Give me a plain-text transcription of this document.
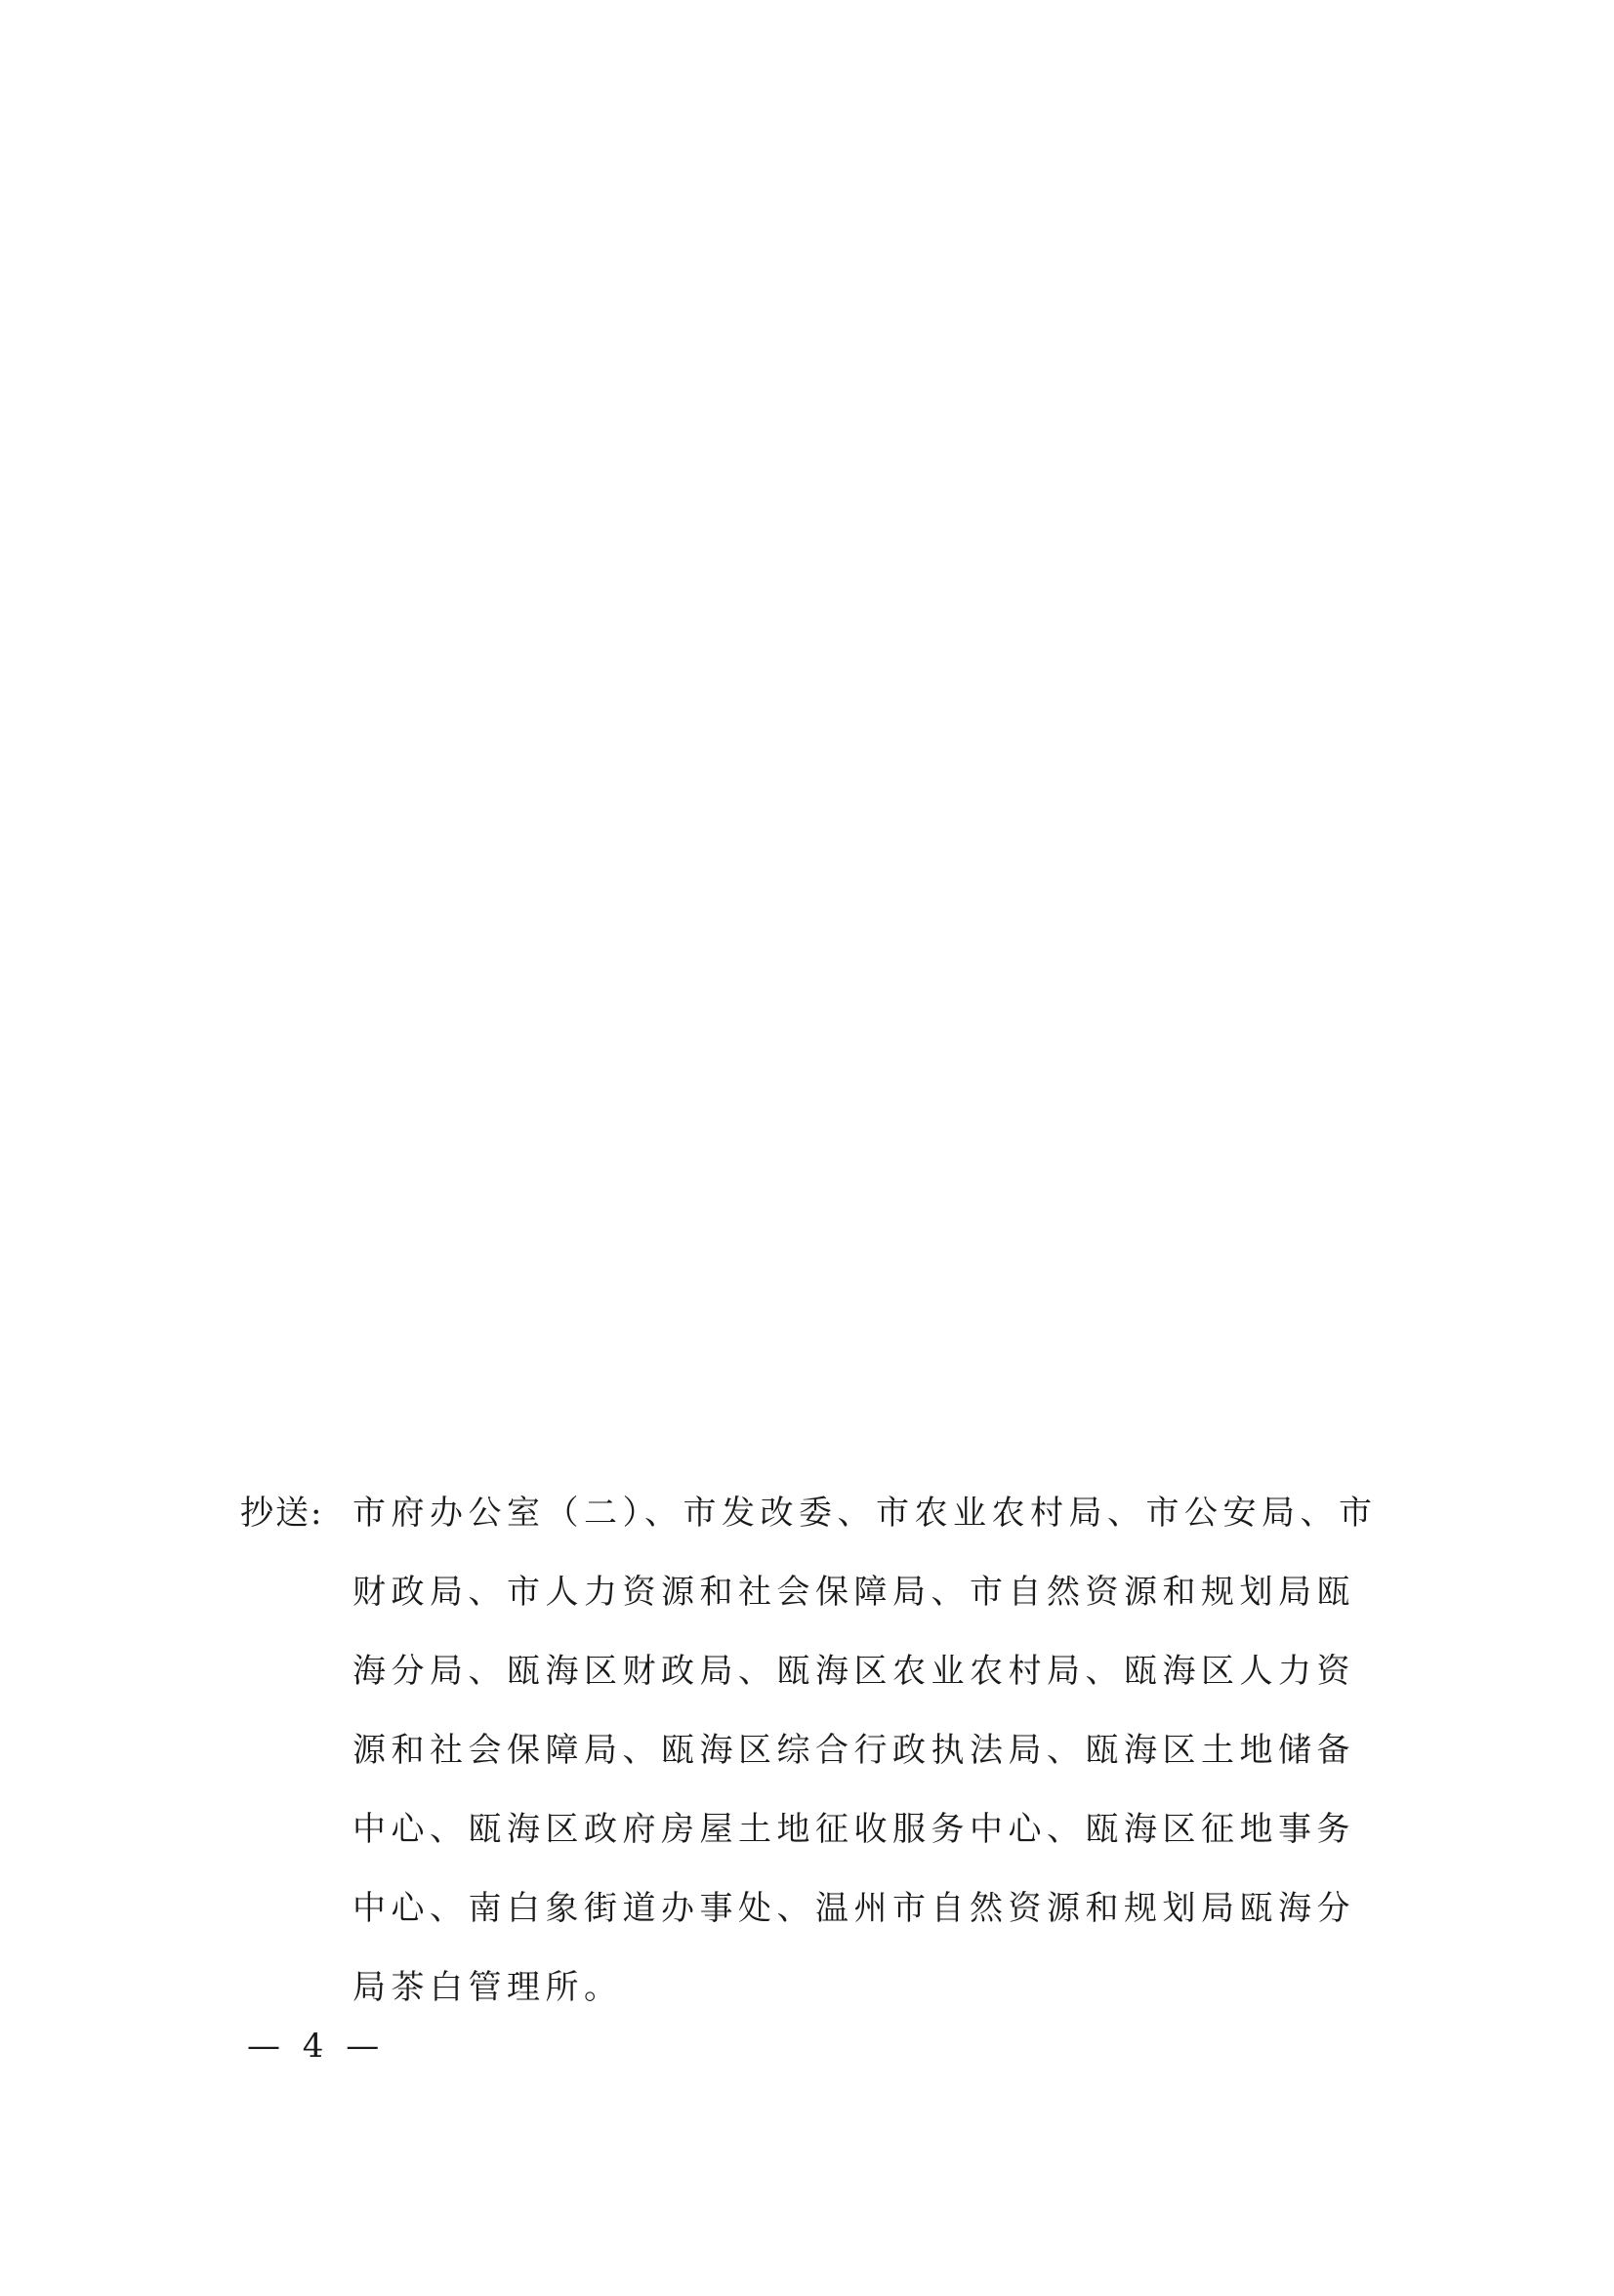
抄送: 市府办公室（二）、市发改委、市农业农村局、市公安局、市
财政局、市人力资源和社会保障局、市自然资源和规划局瓯
海分局、瓯海区财政局、瓯海区农业农村局、瓯海区人力资
源和社会保障局、瓯海区综合行政执法局、瓯海区土地储备
中心、瓯海区政府房屋土地征收服务中心、瓯海区征地事务
中心、南白象街道办事处、温州市自然资源和规划局瓯海分
局茶白管理所。
— 4 —
